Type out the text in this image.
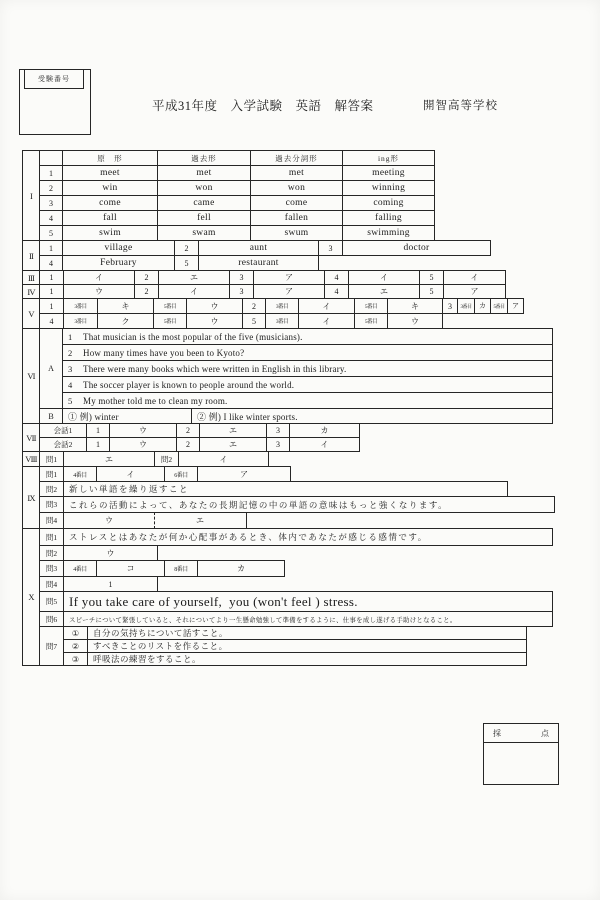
受験番号
平成31年度　入学試験　英語　解答案	開智高等学校
I
原　形	過去形	過去分詞形	ing形
1	meet	met	met	meeting
2	win	won	won	winning
3	come	came	come	coming
4	fall	fell	fallen	falling
5	swim	swam	swum	swimming
II
1	village	2	aunt	3	doctor
4	February	5	restaurant
III	1	イ	2	エ	3	ア	4	イ	5	イ
IV	1	ウ	2	イ	3	ア	4	エ	5	ア
V
1	3番目	キ	5番目	ウ	2	3番目	イ	5番目	キ	3	3番目	カ	5番目	ア
4	3番目	ク	5番目	ウ	5	3番目	イ	5番目	ウ
VI
A
1	That musician is the most popular of the five (musicians).
2	How many times have you been to Kyoto?
3	There were many books which were written in English in this library.
4	The soccer player is known to people around the world.
5	My mother told me to clean my room.
B	① 例) winter	② 例) I like winter sports.
VII
会話1	1	ウ	2	エ	3	カ
会話2	1	ウ	2	エ	3	イ
VIII	問1	エ	問2	イ
IX
問1	4番目	イ	6番目	ア
問2	新しい単語を繰り返すこと
問3	これらの活動によって、あなたの長期記憶の中の単語の意味はもっと強くなります。
問4	ウ	エ
X
問1	ストレスとはあなたが何か心配事があるとき、体内であなたが感じる感情です。
問2	ウ
問3	4番目	コ	8番目	カ
問4	1
問5 If you take care of yourself,  you (won't feel ) stress.
問6	スピーチについて緊張していると、それについてより一生懸命勉強して準備をするように、仕事を成し遂げる手助けとなること。
問7
①	自分の気持ちについて話すこと。
②	すべきことのリストを作ること。
③	呼吸法の練習をすること。
採	点
